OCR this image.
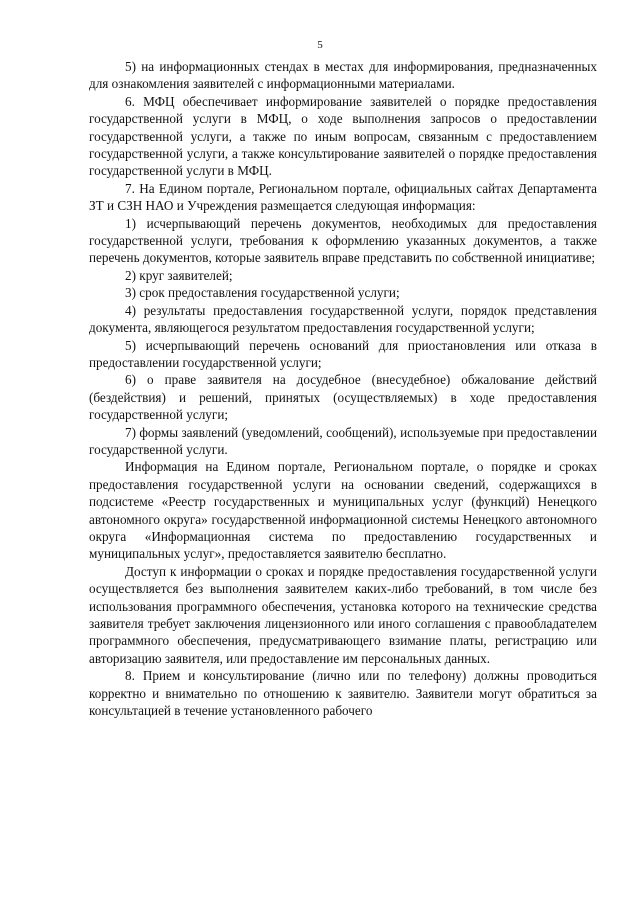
5

5) на информационных стендах в местах для информирования, предназначенных для ознакомления заявителей с информационными материалами.

6. МФЦ обеспечивает информирование заявителей о порядке предоставления государственной услуги в МФЦ, о ходе выполнения запросов о предоставлении государственной услуги, а также по иным вопросам, связанным с предоставлением государственной услуги, а также консультирование заявителей о порядке предоставления государственной услуги в МФЦ.

7. На Едином портале, Региональном портале, официальных сайтах Департамента ЗТ и СЗН НАО и Учреждения размещается следующая информация:

1) исчерпывающий перечень документов, необходимых для предоставления государственной услуги, требования к оформлению указанных документов, а также перечень документов, которые заявитель вправе представить по собственной инициативе;

2) круг заявителей;

3) срок предоставления государственной услуги;

4) результаты предоставления государственной услуги, порядок представления документа, являющегося результатом предоставления государственной услуги;

5) исчерпывающий перечень оснований для приостановления или отказа в предоставлении государственной услуги;

6) о праве заявителя на досудебное (внесудебное) обжалование действий (бездействия) и решений, принятых (осуществляемых) в ходе предоставления государственной услуги;

7) формы заявлений (уведомлений, сообщений), используемые при предоставлении государственной услуги.

Информация на Едином портале, Региональном портале, о порядке и сроках предоставления государственной услуги на основании сведений, содержащихся в подсистеме «Реестр государственных и муниципальных услуг (функций) Ненецкого автономного округа» государственной информационной системы Ненецкого автономного округа «Информационная система по предоставлению государственных и муниципальных услуг», предоставляется заявителю бесплатно.

Доступ к информации о сроках и порядке предоставления государственной услуги осуществляется без выполнения заявителем каких-либо требований, в том числе без использования программного обеспечения, установка которого на технические средства заявителя требует заключения лицензионного или иного соглашения с правообладателем программного обеспечения, предусматривающего взимание платы, регистрацию или авторизацию заявителя, или предоставление им персональных данных.

8. Прием и консультирование (лично или по телефону) должны проводиться корректно и внимательно по отношению к заявителю. Заявители могут обратиться за консультацией в течение установленного рабочего
